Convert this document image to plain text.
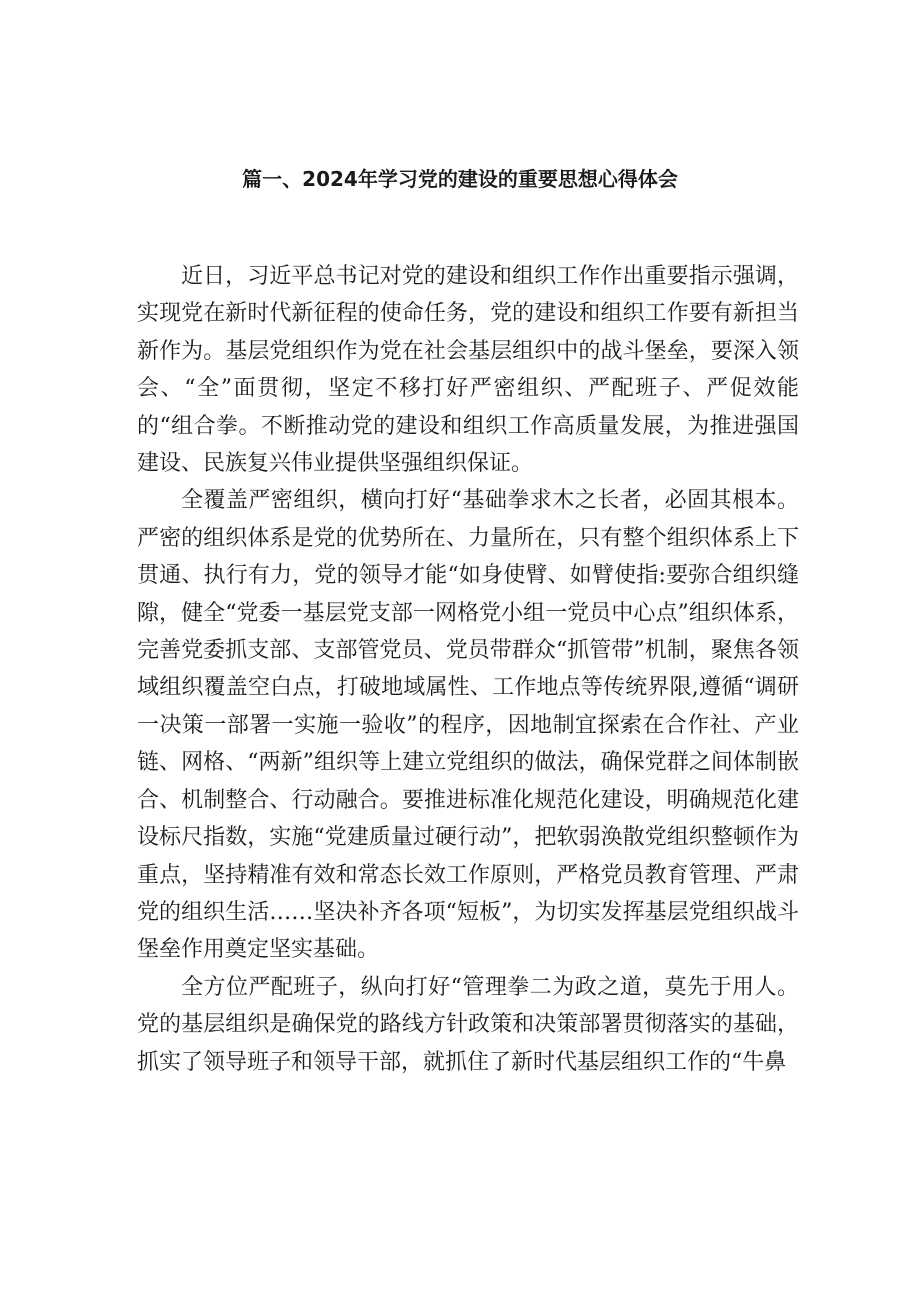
篇一、2024年学习党的建设的重要思想心得体会

近日，习近平总书记对党的建设和组织工作作出重要指示强调，实现党在新时代新征程的使命任务，党的建设和组织工作要有新担当新作为。基层党组织作为党在社会基层组织中的战斗堡垒，要深入领会、“全”面贯彻，坚定不移打好严密组织、严配班子、严促效能的“组合拳。不断推动党的建设和组织工作高质量发展，为推进强国建设、民族复兴伟业提供坚强组织保证。

全覆盖严密组织，横向打好“基础拳求木之长者，必固其根本。严密的组织体系是党的优势所在、力量所在，只有整个组织体系上下贯通、执行有力，党的领导才能“如身使臂、如臂使指:要弥合组织缝隙，健全“党委一基层党支部一网格党小组一党员中心点”组织体系，完善党委抓支部、支部管党员、党员带群众“抓管带”机制，聚焦各领域组织覆盖空白点，打破地域属性、工作地点等传统界限,遵循“调研一决策一部署一实施一验收”的程序，因地制宜探索在合作社、产业链、网格、“两新”组织等上建立党组织的做法，确保党群之间体制嵌合、机制整合、行动融合。要推进标准化规范化建设，明确规范化建设标尺指数，实施“党建质量过硬行动”，把软弱涣散党组织整顿作为重点，坚持精准有效和常态长效工作原则，严格党员教育管理、严肃党的组织生活……坚决补齐各项“短板”，为切实发挥基层党组织战斗堡垒作用奠定坚实基础。

全方位严配班子，纵向打好“管理拳二为政之道，莫先于用人。党的基层组织是确保党的路线方针政策和决策部署贯彻落实的基础，抓实了领导班子和领导干部，就抓住了新时代基层组织工作的“牛鼻
